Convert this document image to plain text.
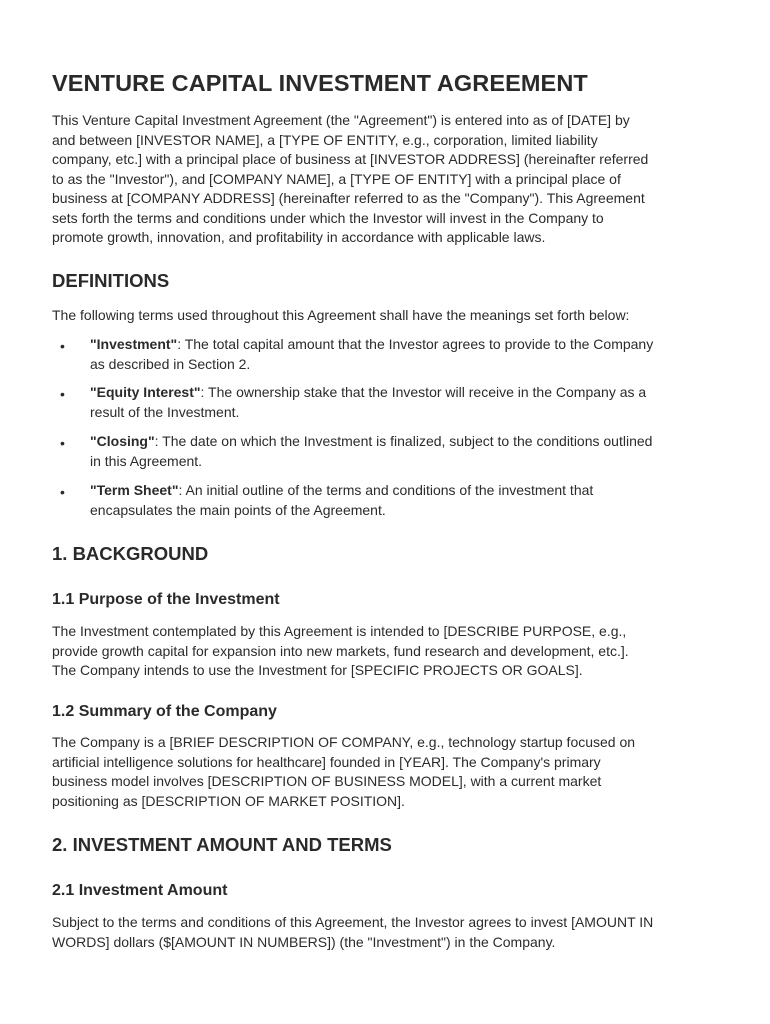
VENTURE CAPITAL INVESTMENT AGREEMENT

This Venture Capital Investment Agreement (the "Agreement") is entered into as of [DATE] by
and between [INVESTOR NAME], a [TYPE OF ENTITY, e.g., corporation, limited liability
company, etc.] with a principal place of business at [INVESTOR ADDRESS] (hereinafter referred
to as the "Investor"), and [COMPANY NAME], a [TYPE OF ENTITY] with a principal place of
business at [COMPANY ADDRESS] (hereinafter referred to as the "Company"). This Agreement
sets forth the terms and conditions under which the Investor will invest in the Company to
promote growth, innovation, and profitability in accordance with applicable laws.

DEFINITIONS

The following terms used throughout this Agreement shall have the meanings set forth below:

• "Investment": The total capital amount that the Investor agrees to provide to the Company
as described in Section 2.
• "Equity Interest": The ownership stake that the Investor will receive in the Company as a
result of the Investment.
• "Closing": The date on which the Investment is finalized, subject to the conditions outlined
in this Agreement.
• "Term Sheet": An initial outline of the terms and conditions of the investment that
encapsulates the main points of the Agreement.
1. BACKGROUND
1.1 Purpose of the Investment

The Investment contemplated by this Agreement is intended to [DESCRIBE PURPOSE, e.g.,
provide growth capital for expansion into new markets, fund research and development, etc.].
The Company intends to use the Investment for [SPECIFIC PROJECTS OR GOALS].

1.2 Summary of the Company

The Company is a [BRIEF DESCRIPTION OF COMPANY, e.g., technology startup focused on
artificial intelligence solutions for healthcare] founded in [YEAR]. The Company's primary
business model involves [DESCRIPTION OF BUSINESS MODEL], with a current market
positioning as [DESCRIPTION OF MARKET POSITION].

2. INVESTMENT AMOUNT AND TERMS
2.1 Investment Amount

Subject to the terms and conditions of this Agreement, the Investor agrees to invest [AMOUNT IN
WORDS] dollars ($[AMOUNT IN NUMBERS]) (the "Investment") in the Company.
